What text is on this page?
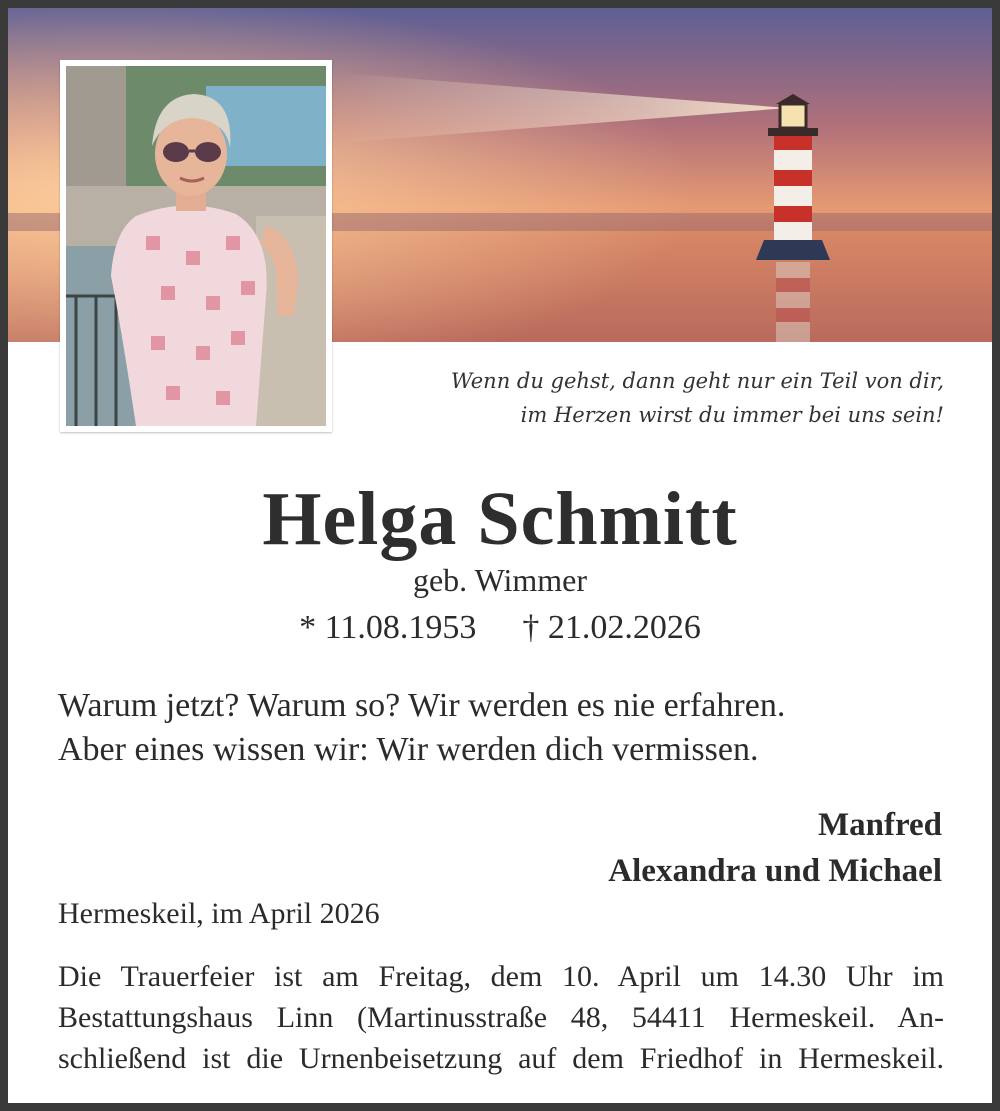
Wenn du gehst, dann geht nur ein Teil von dir,
im Herzen wirst du immer bei uns sein!
Helga Schmitt
geb. Wimmer
* 11.08.1953 † 21.02.2026
Warum jetzt? Warum so? Wir werden es nie erfahren.
Aber eines wissen wir: Wir werden dich vermissen.
Manfred
Alexandra und Michael
Hermeskeil, im April 2026
Die Trauerfeier ist am Freitag, dem 10. April um 14.30 Uhr im
Bestattungshaus Linn (Martinusstraße 48, 54411 Hermeskeil. An-
schließend ist die Urnenbeisetzung auf dem Friedhof in Hermeskeil.
